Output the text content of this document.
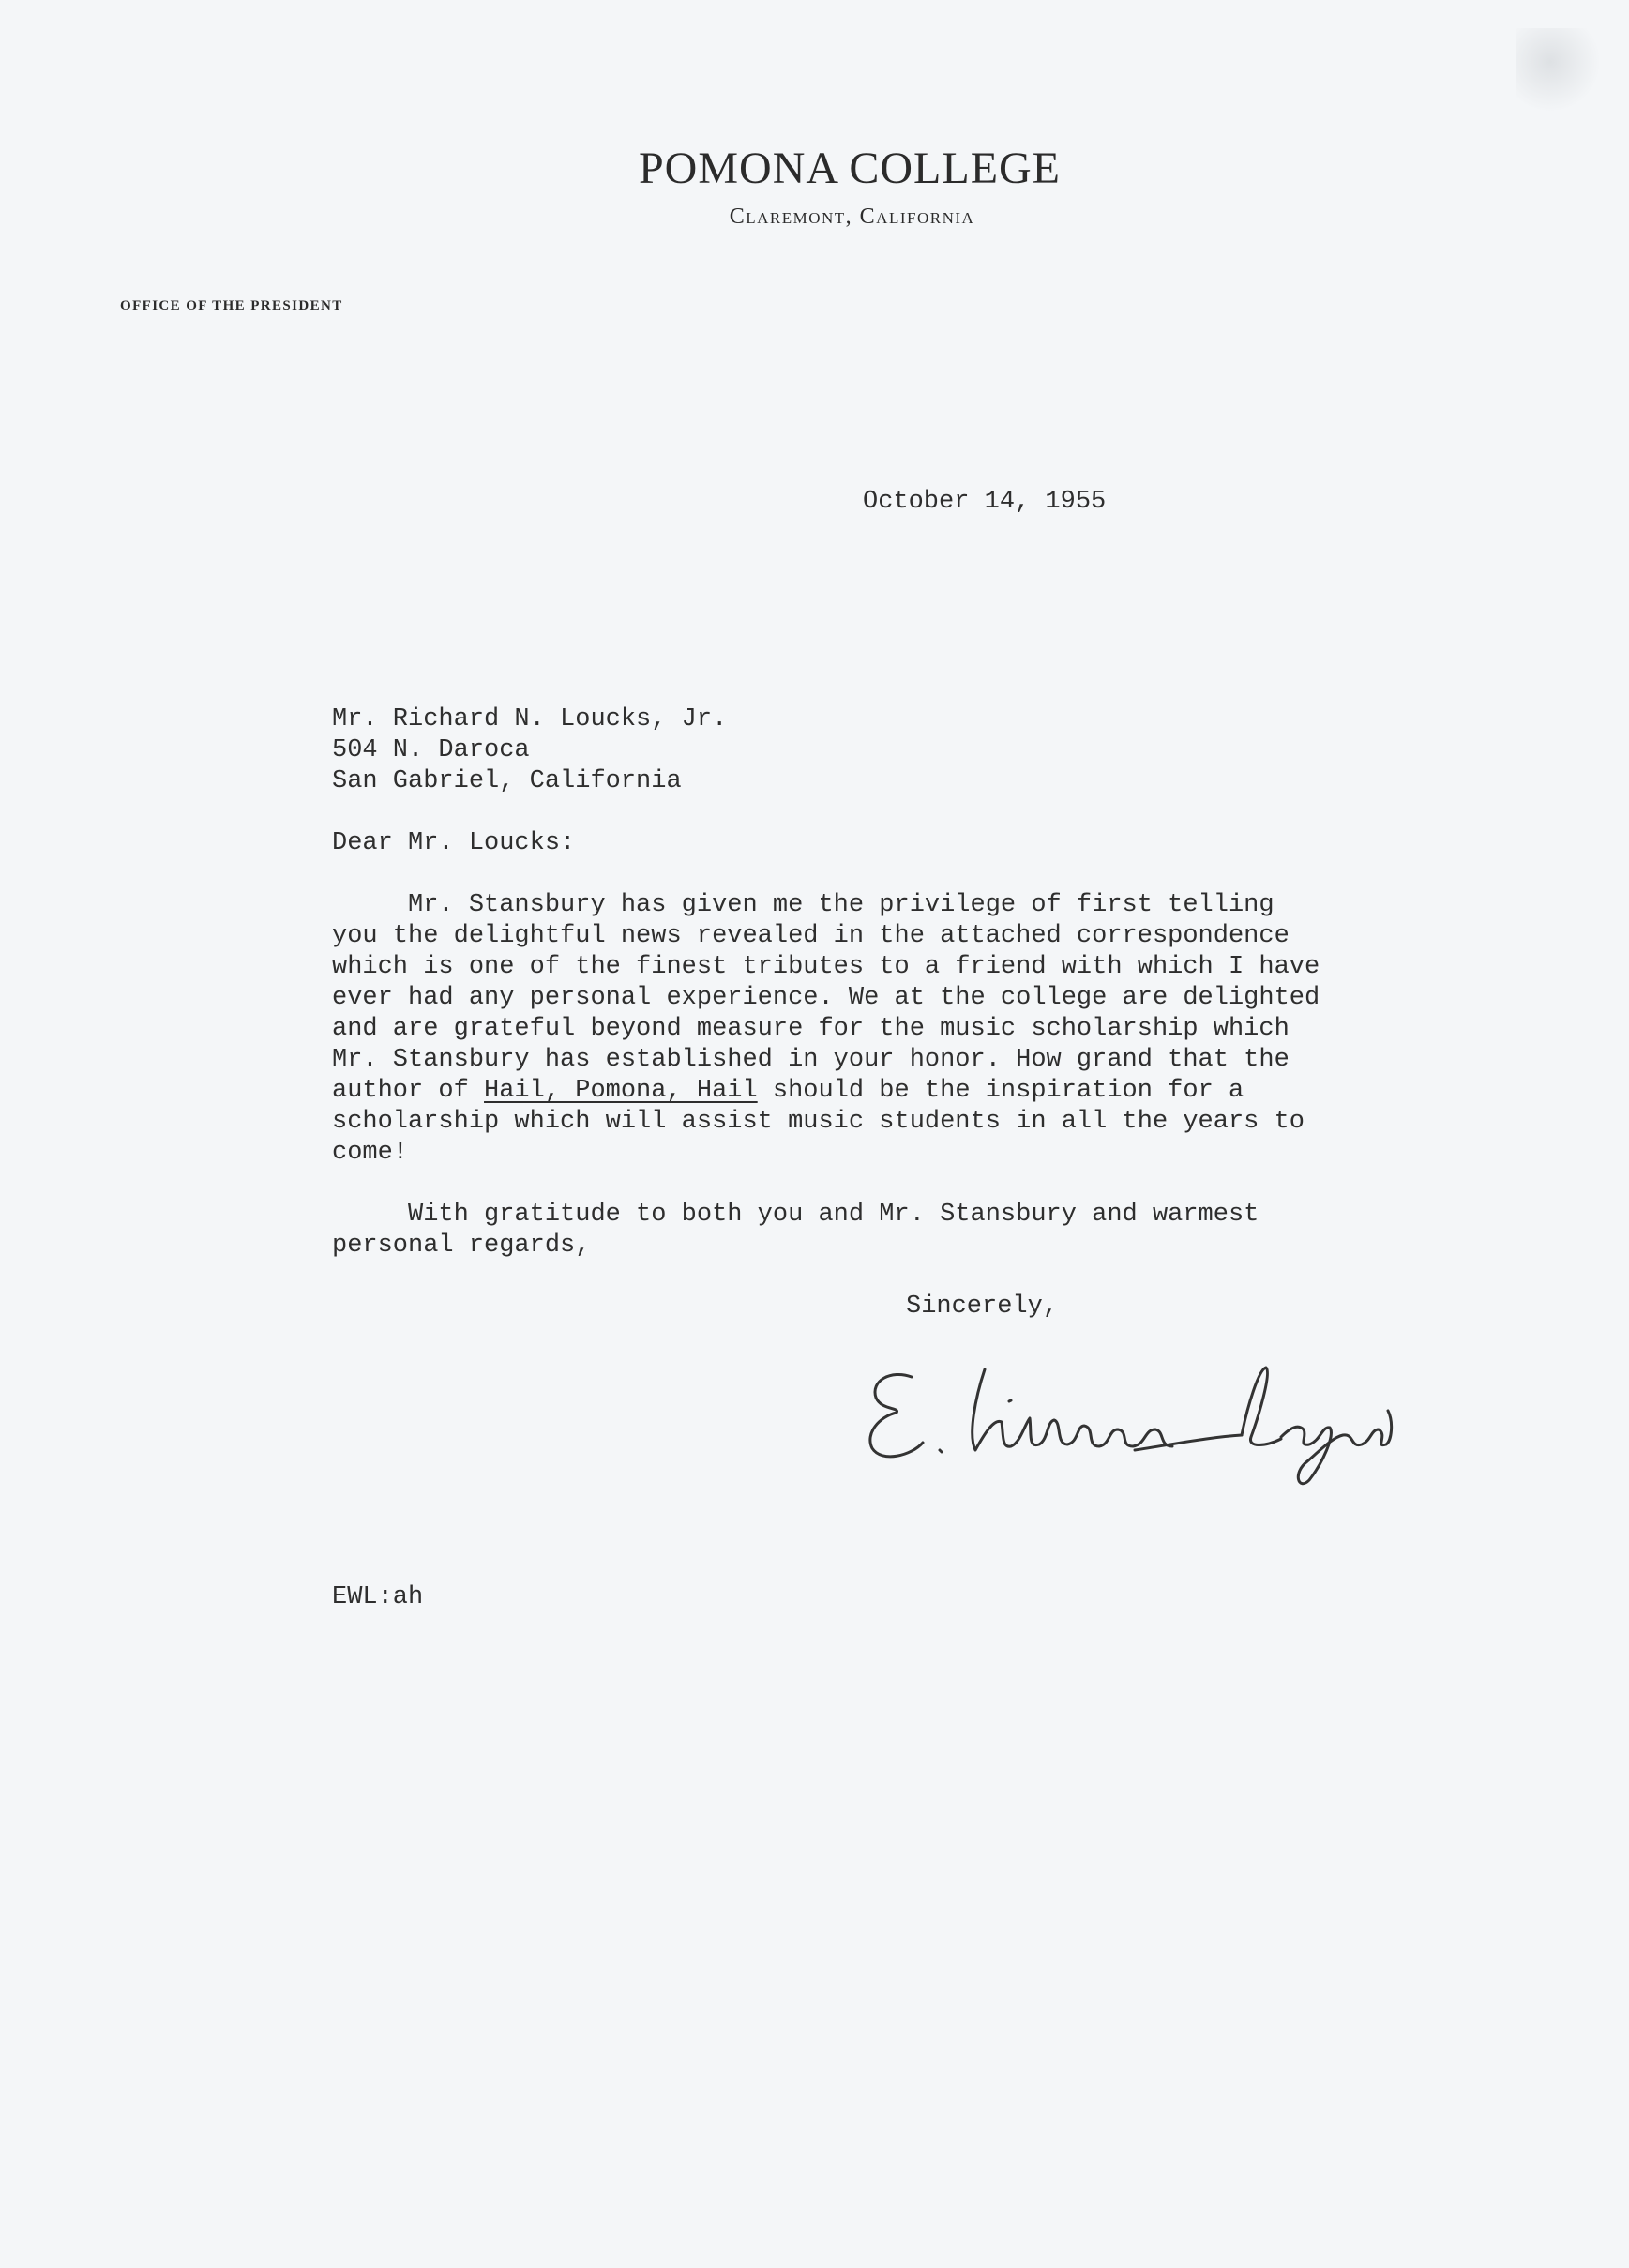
POMONA COLLEGE
Claremont, California
OFFICE OF THE PRESIDENT
October 14, 1955
Mr. Richard N. Loucks, Jr.
504 N. Daroca
San Gabriel, California
Dear Mr. Loucks:
Mr. Stansbury has given me the privilege of first telling
you the delightful news revealed in the attached correspondence
which is one of the finest tributes to a friend with which I have
ever had any personal experience. We at the college are delighted
and are grateful beyond measure for the music scholarship which
Mr. Stansbury has established in your honor. How grand that the
author of Hail, Pomona, Hail should be the inspiration for a
scholarship which will assist music students in all the years to
come!
With gratitude to both you and Mr. Stansbury and warmest
personal regards,
Sincerely,
EWL:ah
